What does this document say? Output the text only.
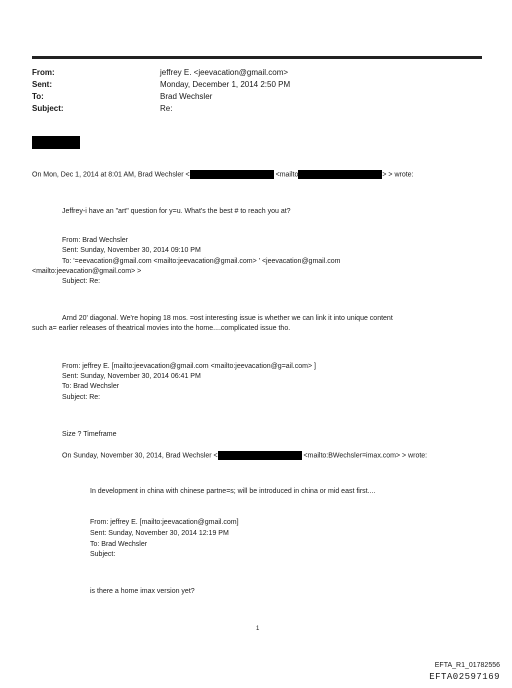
From:	jeffrey E. <jeevacation@gmail.com>
Sent:	Monday, December 1, 2014 2:50 PM
To:	Brad Wechsler
Subject:	Re:
On Mon, Dec 1, 2014 at 8:01 AM, Brad Wechsler <	<mailto	> > wrote:
Jeffrey-i have an "art" question for y=u. What's the best # to reach you at?
From: Brad Wechsler
Sent: Sunday, November 30, 2014 09:10 PM
To: '=eevacation@gmail.com <mailto:jeevacation@gmail.com> ' <jeevacation@gmail.com
<mailto:jeevacation@gmail.com> >
Subject: Re:
Arnd 20' diagonal. We're hoping 18 mos. =ost interesting issue is whether we can link it into unique content
such a= earlier releases of theatrical movies into the home....complicated issue tho.
From: jeffrey E. [mailto:jeevacation@gmail.com <mailto:jeevacation@g=ail.com> ]
Sent: Sunday, November 30, 2014 06:41 PM
To: Brad Wechsler
Subject: Re:
Size ? Timeframe
On Sunday, November 30, 2014, Brad Wechsler <	<mailto:BWechsler=imax.com> > wrote:
In development in china with chinese partne=s; will be introduced in china or mid east first....
From: jeffrey E. [mailto:jeevacation@gmail.com]
Sent: Sunday, November 30, 2014 12:19 PM
To: Brad Wechsler
Subject:
is there a home imax version yet?
1
EFTA_R1_01782556
EFTA02597169
